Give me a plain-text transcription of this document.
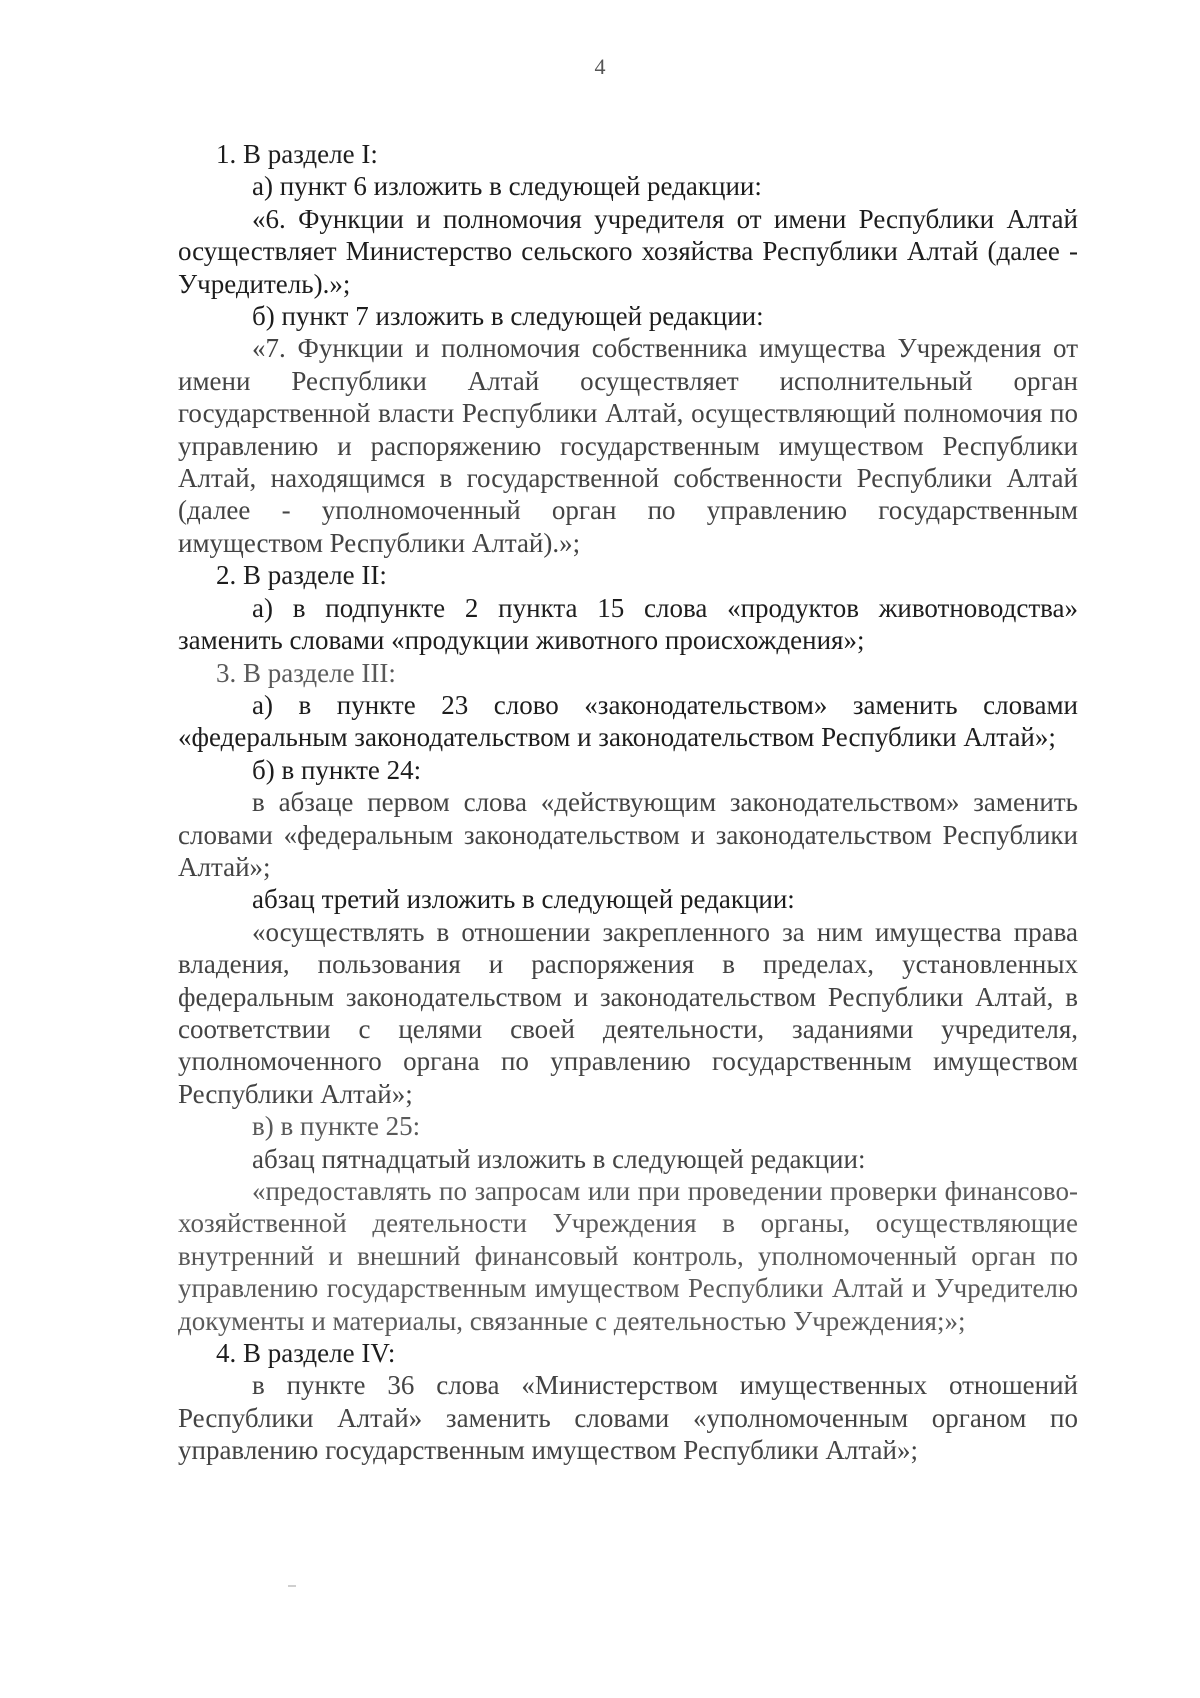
4

1. В разделе I:

а) пункт 6 изложить в следующей редакции:

«6. Функции и полномочия учредителя от имени Республики Алтай осуществляет Министерство сельского хозяйства Республики Алтай (далее - Учредитель).»;

б) пункт 7 изложить в следующей редакции:

«7. Функции и полномочия собственника имущества Учреждения от имени Республики Алтай осуществляет исполнительный орган государственной власти Республики Алтай, осуществляющий полномочия по управлению и распоряжению государственным имуществом Республики Алтай, находящимся в государственной собственности Республики Алтай (далее - уполномоченный орган по управлению государственным имуществом Республики Алтай).»;

2. В разделе II:

а) в подпункте 2 пункта 15 слова «продуктов животноводства» заменить словами «продукции животного происхождения»;

3. В разделе III:

а) в пункте 23 слово «законодательством» заменить словами «федеральным законодательством и законодательством Республики Алтай»;

б) в пункте 24:

в абзаце первом слова «действующим законодательством» заменить словами «федеральным законодательством и законодательством Республики Алтай»;

абзац третий изложить в следующей редакции:

«осуществлять в отношении закрепленного за ним имущества права владения, пользования и распоряжения в пределах, установленных федеральным законодательством и законодательством Республики Алтай, в соответствии с целями своей деятельности, заданиями учредителя, уполномоченного органа по управлению государственным имуществом Республики Алтай»;

в) в пункте 25:

абзац пятнадцатый изложить в следующей редакции:

«предоставлять по запросам или при проведении проверки финансово-хозяйственной деятельности Учреждения в органы, осуществляющие внутренний и внешний финансовый контроль, уполномоченный орган по управлению государственным имуществом Республики Алтай и Учредителю документы и материалы, связанные с деятельностью Учреждения;»;

4. В разделе IV:

в пункте 36 слова «Министерством имущественных отношений Республики Алтай» заменить словами «уполномоченным органом по управлению государственным имуществом Республики Алтай»;
